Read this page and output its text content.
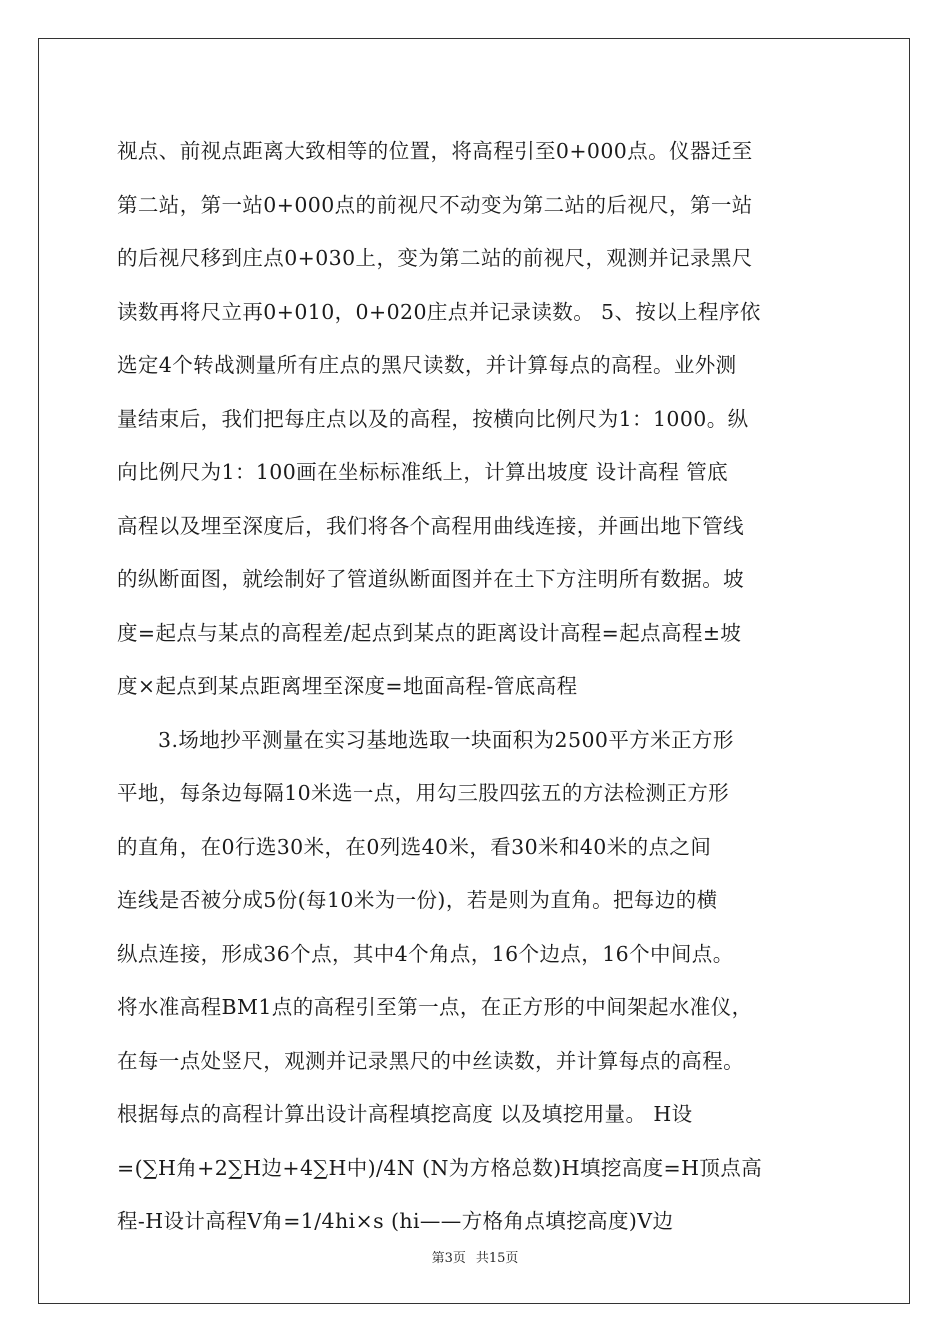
视点、前视点距离大致相等的位置，将高程引至0+000点。仪器迁至
第二站，第一站0+000点的前视尺不动变为第二站的后视尺，第一站
的后视尺移到庄点0+030上，变为第二站的前视尺，观测并记录黑尺
读数再将尺立再0+010，0+020庄点并记录读数。 5、按以上程序依
选定4个转战测量所有庄点的黑尺读数，并计算每点的高程。业外测
量结束后，我们把每庄点以及的高程，按横向比例尺为1：1000。纵
向比例尺为1：100画在坐标标准纸上，计算出坡度 设计高程 管底
高程以及埋至深度后，我们将各个高程用曲线连接，并画出地下管线
的纵断面图，就绘制好了管道纵断面图并在土下方注明所有数据。坡
度=起点与某点的高程差/起点到某点的距离设计高程=起点高程±坡
度×起点到某点距离埋至深度=地面高程-管底高程
3.场地抄平测量在实习基地选取一块面积为2500平方米正方形
平地，每条边每隔10米选一点，用勾三股四弦五的方法检测正方形
的直角，在0行选30米，在0列选40米，看30米和40米的点之间
连线是否被分成5份(每10米为一份)，若是则为直角。把每边的横
纵点连接，形成36个点，其中4个角点，16个边点，16个中间点。
将水准高程BM1点的高程引至第一点，在正方形的中间架起水准仪，
在每一点处竖尺，观测并记录黑尺的中丝读数，并计算每点的高程。
根据每点的高程计算出设计高程填挖高度 以及填挖用量。 H设
=(∑H角+2∑H边+4∑H中)/4N (N为方格总数)H填挖高度=H顶点高
程-H设计高程V角=1/4hi×s (hi——方格角点填挖高度)V边
第3页 共15页
